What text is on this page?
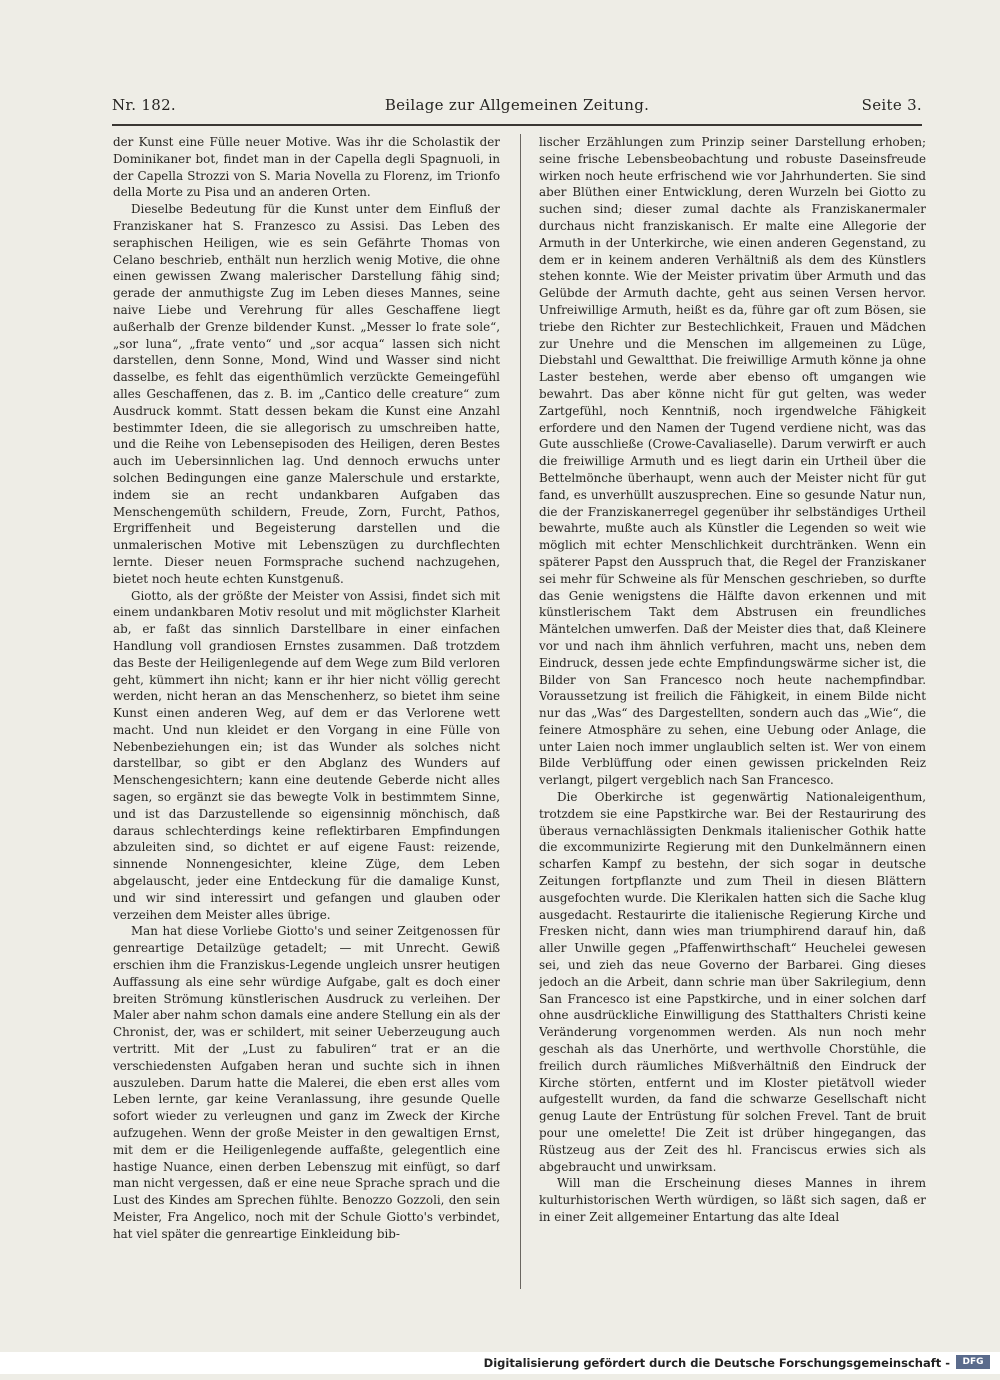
Nr. 182.	Beilage zur Allgemeinen Zeitung.	Seite 3.

der Kunst eine Fülle neuer Motive. Was ihr die Scholastik der Dominikaner bot, findet man in der Capella degli Spagnuoli, in der Capella Strozzi von S. Maria Novella zu Florenz, im Trionfo della Morte zu Pisa und an anderen Orten.

Dieselbe Bedeutung für die Kunst unter dem Einfluß der Franziskaner hat S. Franzesco zu Assisi. Das Leben des seraphischen Heiligen, wie es sein Gefährte Thomas von Celano beschrieb, enthält nun herzlich wenig Motive, die ohne einen gewissen Zwang malerischer Darstellung fähig sind; gerade der anmuthigste Zug im Leben dieses Mannes, seine naive Liebe und Verehrung für alles Geschaffene liegt außerhalb der Grenze bildender Kunst. „Messer lo frate sole“, „sor luna“, „frate vento“ und „sor acqua“ lassen sich nicht darstellen, denn Sonne, Mond, Wind und Wasser sind nicht dasselbe, es fehlt das eigenthümlich verzückte Gemeingefühl alles Geschaffenen, das z. B. im „Cantico delle creature“ zum Ausdruck kommt. Statt dessen bekam die Kunst eine Anzahl bestimmter Ideen, die sie allegorisch zu umschreiben hatte, und die Reihe von Lebensepisoden des Heiligen, deren Bestes auch im Uebersinnlichen lag. Und dennoch erwuchs unter solchen Bedingungen eine ganze Malerschule und erstarkte, indem sie an recht undankbaren Aufgaben das Menschengemüth schildern, Freude, Zorn, Furcht, Pathos, Ergriffenheit und Begeisterung darstellen und die unmalerischen Motive mit Lebenszügen zu durchflechten lernte. Dieser neuen Formsprache suchend nachzugehen, bietet noch heute echten Kunstgenuß.

Giotto, als der größte der Meister von Assisi, findet sich mit einem undankbaren Motiv resolut und mit möglichster Klarheit ab, er faßt das sinnlich Darstellbare in einer einfachen Handlung voll grandiosen Ernstes zusammen. Daß trotzdem das Beste der Heiligenlegende auf dem Wege zum Bild verloren geht, kümmert ihn nicht; kann er ihr hier nicht völlig gerecht werden, nicht heran an das Menschenherz, so bietet ihm seine Kunst einen anderen Weg, auf dem er das Verlorene wett macht. Und nun kleidet er den Vorgang in eine Fülle von Nebenbeziehungen ein; ist das Wunder als solches nicht darstellbar, so gibt er den Abglanz des Wunders auf Menschengesichtern; kann eine deutende Geberde nicht alles sagen, so ergänzt sie das bewegte Volk in bestimmtem Sinne, und ist das Darzustellende so eigensinnig mönchisch, daß daraus schlechterdings keine reflektirbaren Empfindungen abzuleiten sind, so dichtet er auf eigene Faust: reizende, sinnende Nonnengesichter, kleine Züge, dem Leben abgelauscht, jeder eine Entdeckung für die damalige Kunst, und wir sind interessirt und gefangen und glauben oder verzeihen dem Meister alles übrige.

Man hat diese Vorliebe Giotto's und seiner Zeitgenossen für genreartige Detailzüge getadelt; — mit Unrecht. Gewiß erschien ihm die Franziskus-Legende ungleich unsrer heutigen Auffassung als eine sehr würdige Aufgabe, galt es doch einer breiten Strömung künstlerischen Ausdruck zu verleihen. Der Maler aber nahm schon damals eine andere Stellung ein als der Chronist, der, was er schildert, mit seiner Ueberzeugung auch vertritt. Mit der „Lust zu fabuliren“ trat er an die verschiedensten Aufgaben heran und suchte sich in ihnen auszuleben. Darum hatte die Malerei, die eben erst alles vom Leben lernte, gar keine Veranlassung, ihre gesunde Quelle sofort wieder zu verleugnen und ganz im Zweck der Kirche aufzugehen. Wenn der große Meister in den gewaltigen Ernst, mit dem er die Heiligenlegende auffaßte, gelegentlich eine hastige Nuance, einen derben Lebenszug mit einfügt, so darf man nicht vergessen, daß er eine neue Sprache sprach und die Lust des Kindes am Sprechen fühlte. Benozzo Gozzoli, den sein Meister, Fra Angelico, noch mit der Schule Giotto's verbindet, hat viel später die genreartige Einkleidung bib-

lischer Erzählungen zum Prinzip seiner Darstellung erhoben; seine frische Lebensbeobachtung und robuste Daseinsfreude wirken noch heute erfrischend wie vor Jahrhunderten. Sie sind aber Blüthen einer Entwicklung, deren Wurzeln bei Giotto zu suchen sind; dieser zumal dachte als Franziskanermaler durchaus nicht franziskanisch. Er malte eine Allegorie der Armuth in der Unterkirche, wie einen anderen Gegenstand, zu dem er in keinem anderen Verhältniß als dem des Künstlers stehen konnte. Wie der Meister privatim über Armuth und das Gelübde der Armuth dachte, geht aus seinen Versen hervor. Unfreiwillige Armuth, heißt es da, führe gar oft zum Bösen, sie triebe den Richter zur Bestechlichkeit, Frauen und Mädchen zur Unehre und die Menschen im allgemeinen zu Lüge, Diebstahl und Gewaltthat. Die freiwillige Armuth könne ja ohne Laster bestehen, werde aber ebenso oft umgangen wie bewahrt. Das aber könne nicht für gut gelten, was weder Zartgefühl, noch Kenntniß, noch irgendwelche Fähigkeit erfordere und den Namen der Tugend verdiene nicht, was das Gute ausschließe (Crowe-Cavaliaselle). Darum verwirft er auch die freiwillige Armuth und es liegt darin ein Urtheil über die Bettelmönche überhaupt, wenn auch der Meister nicht für gut fand, es unverhüllt auszusprechen. Eine so gesunde Natur nun, die der Franziskanerregel gegenüber ihr selbständiges Urtheil bewahrte, mußte auch als Künstler die Legenden so weit wie möglich mit echter Menschlichkeit durchtränken. Wenn ein späterer Papst den Ausspruch that, die Regel der Franziskaner sei mehr für Schweine als für Menschen geschrieben, so durfte das Genie wenigstens die Hälfte davon erkennen und mit künstlerischem Takt dem Abstrusen ein freundliches Mäntelchen umwerfen. Daß der Meister dies that, daß Kleinere vor und nach ihm ähnlich verfuhren, macht uns, neben dem Eindruck, dessen jede echte Empfindungswärme sicher ist, die Bilder von San Francesco noch heute nachempfindbar. Voraussetzung ist freilich die Fähigkeit, in einem Bilde nicht nur das „Was“ des Dargestellten, sondern auch das „Wie“, die feinere Atmosphäre zu sehen, eine Uebung oder Anlage, die unter Laien noch immer unglaublich selten ist. Wer von einem Bilde Verblüffung oder einen gewissen prickelnden Reiz verlangt, pilgert vergeblich nach San Francesco.

Die Oberkirche ist gegenwärtig Nationaleigenthum, trotzdem sie eine Papstkirche war. Bei der Restaurirung des überaus vernachlässigten Denkmals italienischer Gothik hatte die excommunizirte Regierung mit den Dunkelmännern einen scharfen Kampf zu bestehn, der sich sogar in deutsche Zeitungen fortpflanzte und zum Theil in diesen Blättern ausgefochten wurde. Die Klerikalen hatten sich die Sache klug ausgedacht. Restaurirte die italienische Regierung Kirche und Fresken nicht, dann wies man triumphirend darauf hin, daß aller Unwille gegen „Pfaffenwirthschaft“ Heuchelei gewesen sei, und zieh das neue Governo der Barbarei. Ging dieses jedoch an die Arbeit, dann schrie man über Sakrilegium, denn San Francesco ist eine Papstkirche, und in einer solchen darf ohne ausdrückliche Einwilligung des Statthalters Christi keine Veränderung vorgenommen werden. Als nun noch mehr geschah als das Unerhörte, und werthvolle Chorstühle, die freilich durch räumliches Mißverhältniß den Eindruck der Kirche störten, entfernt und im Kloster pietätvoll wieder aufgestellt wurden, da fand die schwarze Gesellschaft nicht genug Laute der Entrüstung für solchen Frevel. Tant de bruit pour une omelette! Die Zeit ist drüber hingegangen, das Rüstzeug aus der Zeit des hl. Franciscus erwies sich als abgebraucht und unwirksam.

Will man die Erscheinung dieses Mannes in ihrem kulturhistorischen Werth würdigen, so läßt sich sagen, daß er in einer Zeit allgemeiner Entartung das alte Ideal

Digitalisierung gefördert durch die Deutsche Forschungsgemeinschaft -	DFG
